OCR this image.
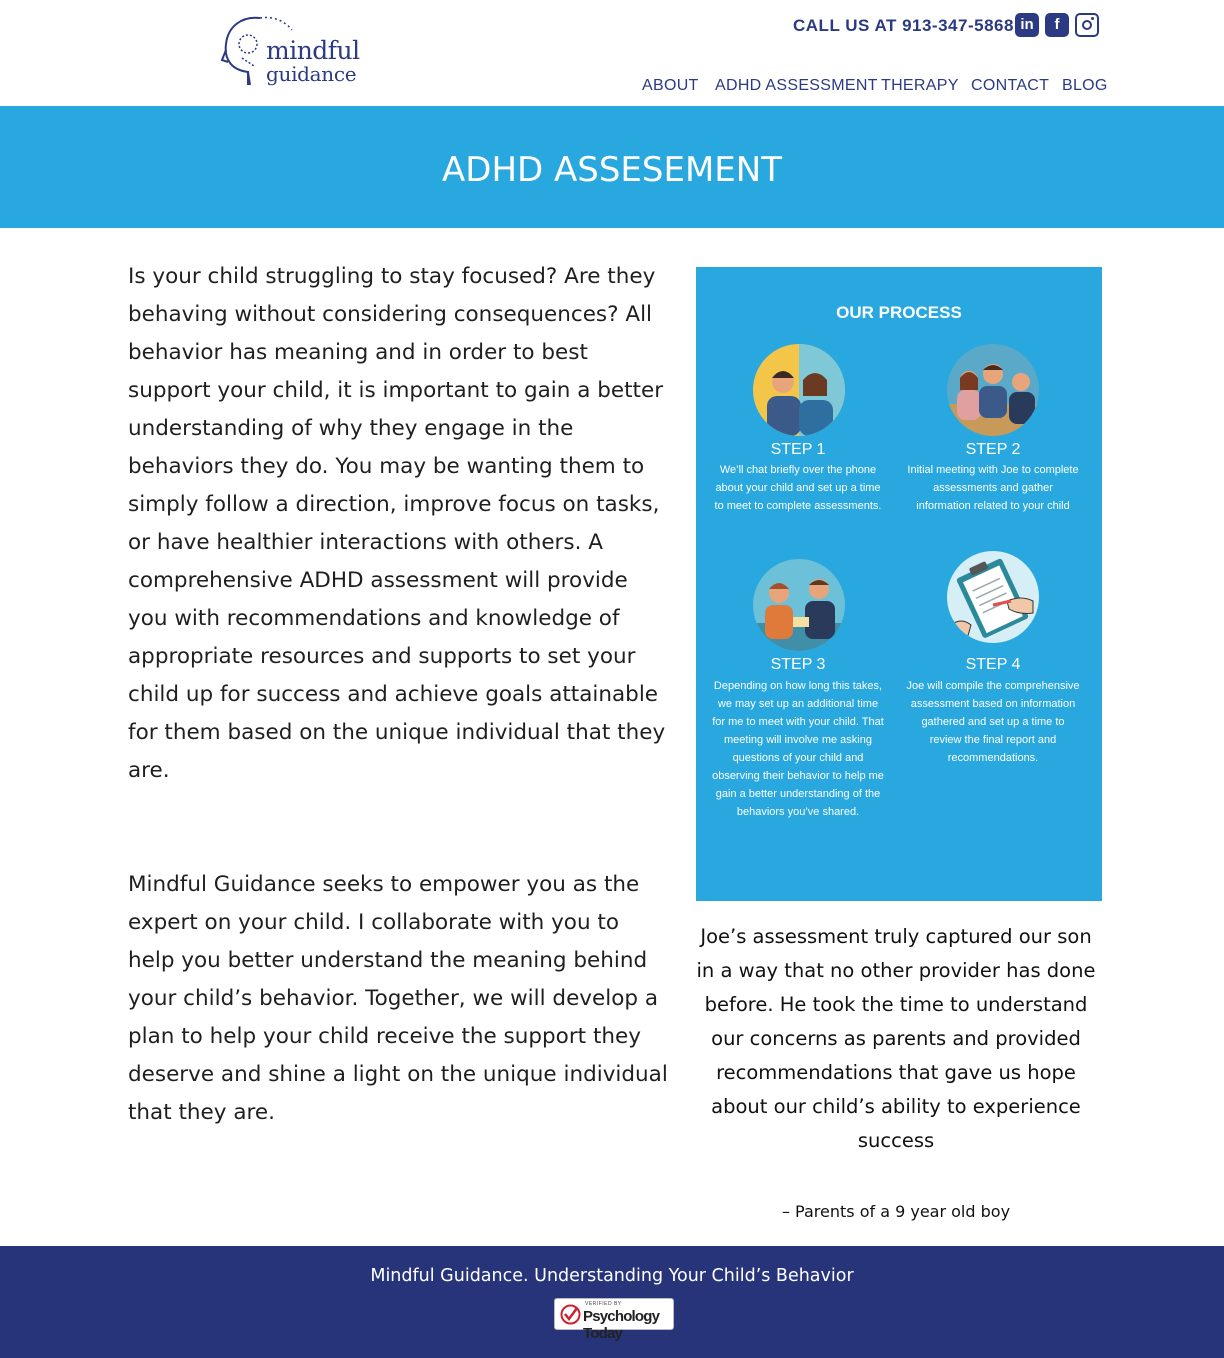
mindful
guidance
CALL US AT 913-347-5868 in	f
ABOUT ADHD ASSESSMENT THERAPY CONTACT BLOG
ADHD ASSESEMENT

Is your child struggling to stay focused? Are they behaving without considering consequences? All behavior has meaning and in order to best support your child, it is important to gain a better understanding of why they engage in the behaviors they do. You may be wanting them to simply follow a direction, improve focus on tasks, or have healthier interactions with others. A comprehensive ADHD assessment will provide you with recommendations and knowledge of appropriate resources and supports to set your child up for success and achieve goals attainable for them based on the unique individual that they are.

Mindful Guidance seeks to empower you as the expert on your child. I collaborate with you to help you better understand the meaning behind your child’s behavior. Together, we will develop a plan to help your child receive the support they deserve and shine a light on the unique individual that they are.

OUR PROCESS
STEP 1
We’ll chat briefly over the phone about your child and set up a time to meet to complete assessments.
STEP 2
Initial meeting with Joe to complete assessments and gather information related to your child
STEP 3
Depending on how long this takes, we may set up an additional time for me to meet with your child. That meeting will involve me asking questions of your child and observing their behavior to help me gain a better understanding of the behaviors you’ve shared.
STEP 4
Joe will compile the comprehensive assessment based on information gathered and set up a time to review the final report and recommendations.

Joe’s assessment truly captured our son in a way that no other provider has done before. He took the time to understand our concerns as parents and provided recommendations that gave us hope about our child’s ability to experience success

– Parents of a 9 year old boy

Mindful Guidance. Understanding Your Child’s Behavior
VERIFIED BY
Psychology Today
